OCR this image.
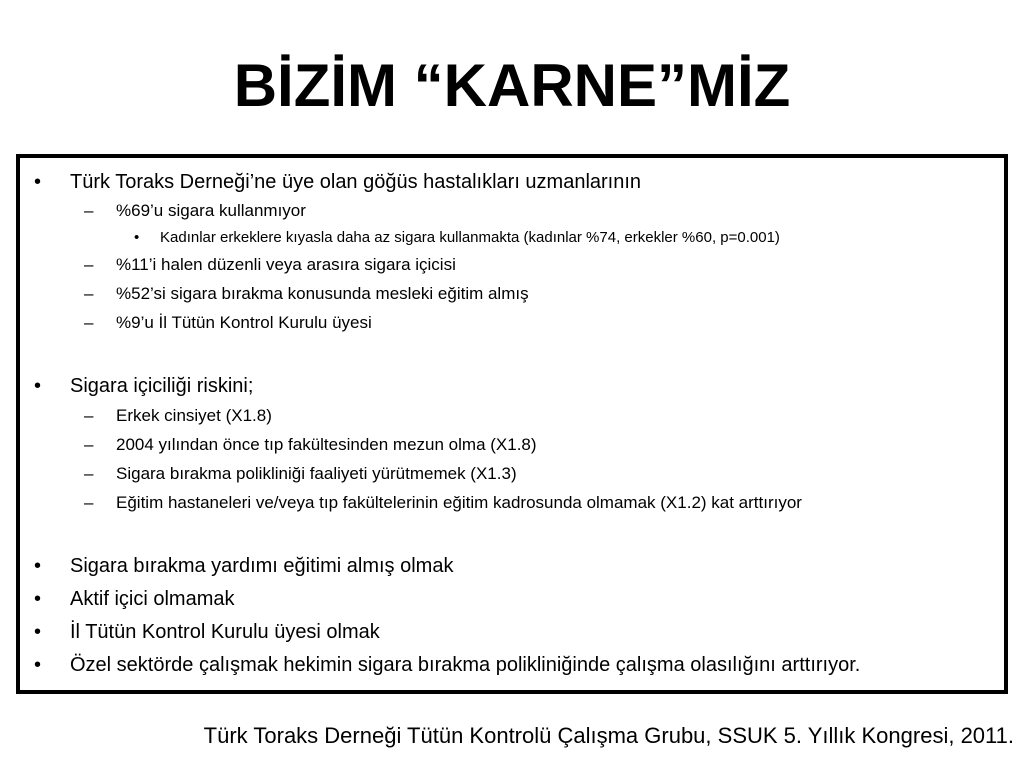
BİZİM “KARNE”MİZ
• Türk Toraks Derneği’ne üye olan göğüs hastalıkları uzmanlarının
– %69’u sigara kullanmıyor
• Kadınlar erkeklere kıyasla daha az sigara kullanmakta (kadınlar %74, erkekler %60, p=0.001)
– %11’i halen düzenli veya arasıra sigara içicisi
– %52’si sigara bırakma konusunda mesleki eğitim almış
– %9’u İl Tütün Kontrol Kurulu üyesi
• Sigara içiciliği riskini;
– Erkek cinsiyet (X1.8)
– 2004 yılından önce tıp fakültesinden mezun olma (X1.8)
– Sigara bırakma polikliniği faaliyeti yürütmemek (X1.3)
– Eğitim hastaneleri ve/veya tıp fakültelerinin eğitim kadrosunda olmamak (X1.2) kat arttırıyor
• Sigara bırakma yardımı eğitimi almış olmak
• Aktif içici olmamak
• İl Tütün Kontrol Kurulu üyesi olmak
• Özel sektörde çalışmak hekimin sigara bırakma polikliniğinde çalışma olasılığını arttırıyor.
Türk Toraks Derneği Tütün Kontrolü Çalışma Grubu, SSUK 5. Yıllık Kongresi, 2011.
